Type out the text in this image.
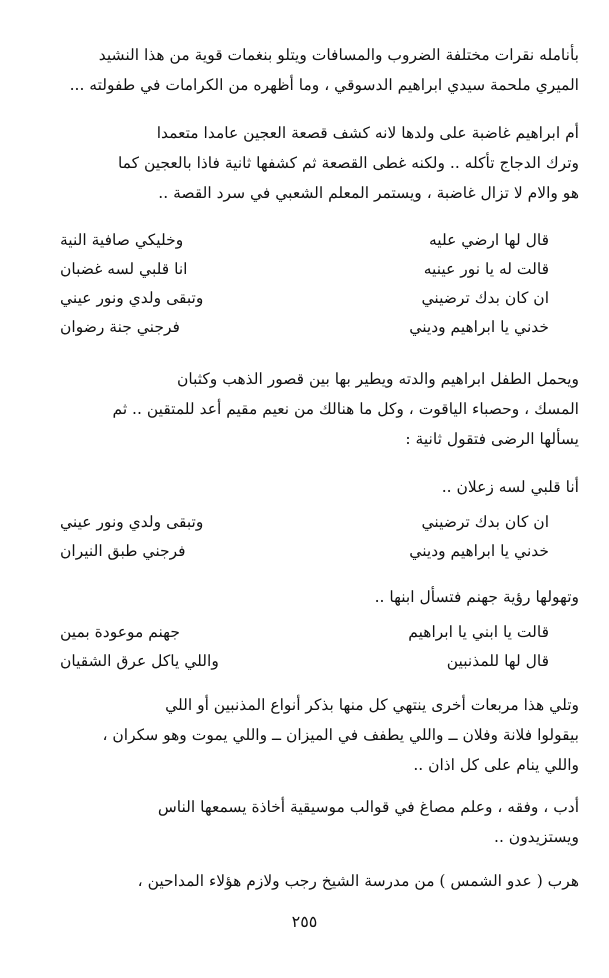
بأنامله نقرات مختلفة الضروب والمسافات ويتلو بنغمات قوية من هذا النشيد
الميري ملحمة سيدي ابراهيم الدسوقي ، وما أظهره من الكرامات في طفولته ...
أم ابراهيم غاضبة على ولدها لانه كشف قصعة العجين عامدا متعمدا
وترك الدجاج تأكله .. ولكنه غطى القصعة ثم كشفها ثانية فاذا بالعجين كما
هو والام لا تزال غاضبة ، ويستمر المعلم الشعبي في سرد القصة ..
قال لها ارضي عليه
وخليكي صافية النية
قالت له يا نور عينيه
انا قلبي لسه غضبان
ان كان بدك ترضيني
وتبقى ولدي ونور عيني
خدني يا ابراهيم وديني
فرجني جنة رضوان
ويحمل الطفل ابراهيم والدته ويطير بها بين قصور الذهب وكثبان
المسك ، وحصباء الياقوت ، وكل ما هنالك من نعيم مقيم أعد للمتقين .. ثم
يسألها الرضى فتقول ثانية :
أنا قلبي لسه زعلان ..
ان كان بدك ترضيني
وتبقى ولدي ونور عيني
خدني يا ابراهيم وديني
فرجني طبق النيران
وتهولها رؤية جهنم فتسأل ابنها ..
قالت يا ابني يا ابراهيم
جهنم موعودة بمين
قال لها للمذنبين
واللي ياكل عرق الشقيان
وتلي هذا مربعات أخرى ينتهي كل منها بذكر أنواع المذنبين أو اللي
بيقولوا فلانة وفلان ــ واللي يطفف في الميزان ــ واللي يموت وهو سكران ،
واللي ينام على كل اذان ..
أدب ، وفقه ، وعلم مصاغ في قوالب موسيقية أخاذة يسمعها الناس
ويستزيدون ..
هرب ( عدو الشمس ) من مدرسة الشيخ رجب ولازم هؤلاء المداحين ،
٢٥٥
